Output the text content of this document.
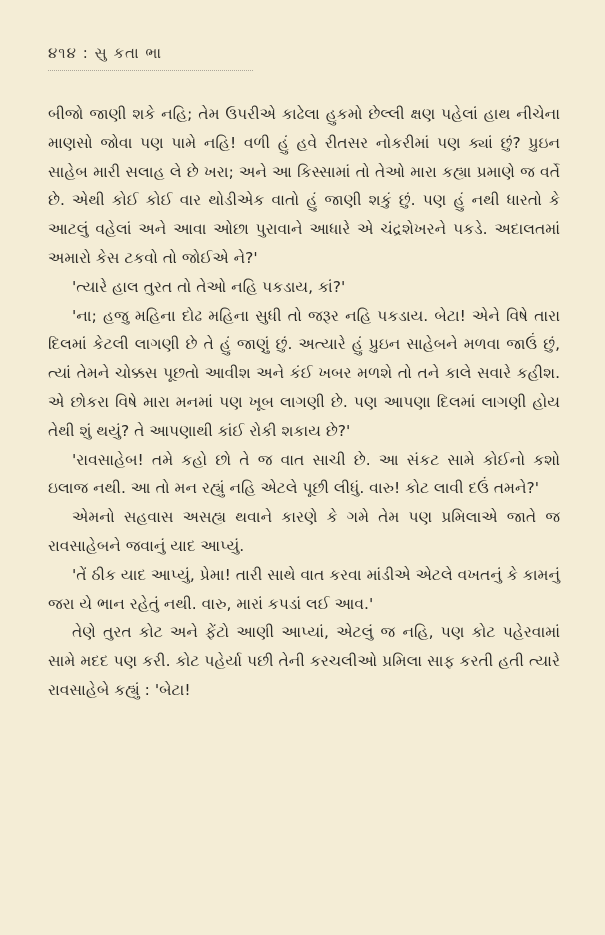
૪૧૪ : સુ કતા ભા

બીજો જાણી શકે નહિ; તેમ ઉપરીએ કાઢેલા હુકમો છેલ્લી ક્ષણ પહેલાં હાથ નીચેના માણસો જોવા પણ પામે નહિ! વળી હું હવે રીતસર નોકરીમાં પણ ક્યાં છું? પ્રુઇન સાહેબ મારી સલાહ લે છે ખરા; અને આ કિસ્સામાં તો તેઓ મારા કહ્યા પ્રમાણે જ વર્તે છે. એથી કોઈ કોઈ વાર થોડીએક વાતો હું જાણી શકું છું. પણ હું નથી ધારતો કે આટલું વહેલાં અને આવા ઓછા પુરાવાને આધારે એ ચંદ્રશેખરને પકડે. અદાલતમાં અમારો કેસ ટકવો તો જોઈએ ને?'

'ત્યારે હાલ તુરત તો તેઓ નહિ પકડાય, કાં?'

'ના; હજુ મહિના દોઢ મહિના સુધી તો જરૂર નહિ પકડાય. બેટા! એને વિષે તારા દિલમાં કેટલી લાગણી છે તે હું જાણું છું. અત્યારે હું પ્રુઇન સાહેબને મળવા જાઉં છું, ત્યાં તેમને ચોક્કસ પૂછતો આવીશ અને કંઈ ખબર મળશે તો તને કાલે સવારે કહીશ. એ છોકરા વિષે મારા મનમાં પણ ખૂબ લાગણી છે. પણ આપણા દિલમાં લાગણી હોય તેથી શું થયું? તે આપણાથી કાંઈ રોકી શકાય છે?'

'રાવસાહેબ! તમે કહો છો તે જ વાત સાચી છે. આ સંકટ સામે કોઈનો કશો ઇલાજ નથી. આ તો મન રહ્યું નહિ એટલે પૂછી લીધું. વારુ! કોટ લાવી દઉં તમને?'

એમનો સહવાસ અસહ્ય થવાને કારણે કે ગમે તેમ પણ પ્રમિલાએ જાતે જ રાવસાહેબને જવાનું યાદ આપ્યું.

'તેં ઠીક યાદ આપ્યું, પ્રેમા! તારી સાથે વાત કરવા માંડીએ એટલે વખતનું કે કામનું જરા યે ભાન રહેતું નથી. વારુ, મારાં કપડાં લઈ આવ.'

તેણે તુરત કોટ અને ફેંટો આણી આપ્યાં, એટલું જ નહિ, પણ કોટ પહેરવામાં સામે મદદ પણ કરી. કોટ પહેર્યા પછી તેની કરચલીઓ પ્રમિલા સાફ કરતી હતી ત્યારે રાવસાહેબે કહ્યું : 'બેટા!
